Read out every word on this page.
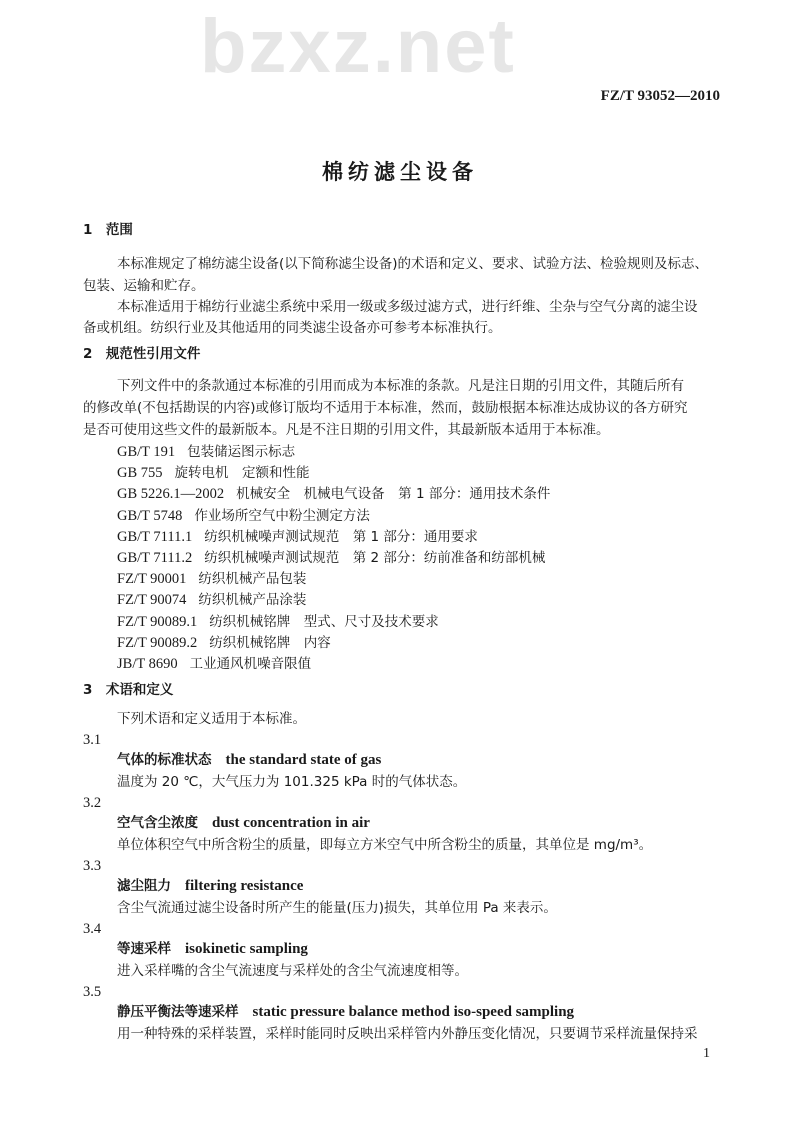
bzxz.net
FZ/T 93052—2010
棉纺滤尘设备
1　范围
本标准规定了棉纺滤尘设备(以下简称滤尘设备)的术语和定义、要求、试验方法、检验规则及标志、
包装、运输和贮存。
本标准适用于棉纺行业滤尘系统中采用一级或多级过滤方式，进行纤维、尘杂与空气分离的滤尘设
备或机组。纺织行业及其他适用的同类滤尘设备亦可参考本标准执行。
2　规范性引用文件
下列文件中的条款通过本标准的引用而成为本标准的条款。凡是注日期的引用文件，其随后所有
的修改单(不包括勘误的内容)或修订版均不适用于本标准，然而，鼓励根据本标准达成协议的各方研究
是否可使用这些文件的最新版本。凡是不注日期的引用文件，其最新版本适用于本标准。
GB/T 191 包装储运图示标志
GB 755 旋转电机　定额和性能
GB 5226.1—2002 机械安全　机械电气设备　第 1 部分：通用技术条件
GB/T 5748 作业场所空气中粉尘测定方法
GB/T 7111.1 纺织机械噪声测试规范　第 1 部分：通用要求
GB/T 7111.2 纺织机械噪声测试规范　第 2 部分：纺前准备和纺部机械
FZ/T 90001 纺织机械产品包装
FZ/T 90074 纺织机械产品涂装
FZ/T 90089.1 纺织机械铭牌　型式、尺寸及技术要求
FZ/T 90089.2 纺织机械铭牌　内容
JB/T 8690 工业通风机噪音限值
3　术语和定义
下列术语和定义适用于本标准。
3.1
气体的标准状态 the standard state of gas
温度为 20 ℃，大气压力为 101.325 kPa 时的气体状态。
3.2
空气含尘浓度 dust concentration in air
单位体积空气中所含粉尘的质量，即每立方米空气中所含粉尘的质量，其单位是 mg/m³。
3.3
滤尘阻力 filtering resistance
含尘气流通过滤尘设备时所产生的能量(压力)损失，其单位用 Pa 来表示。
3.4
等速采样 isokinetic sampling
进入采样嘴的含尘气流速度与采样处的含尘气流速度相等。
3.5
静压平衡法等速采样 static pressure balance method iso-speed sampling
用一种特殊的采样装置，采样时能同时反映出采样管内外静压变化情况，只要调节采样流量保持采
1
